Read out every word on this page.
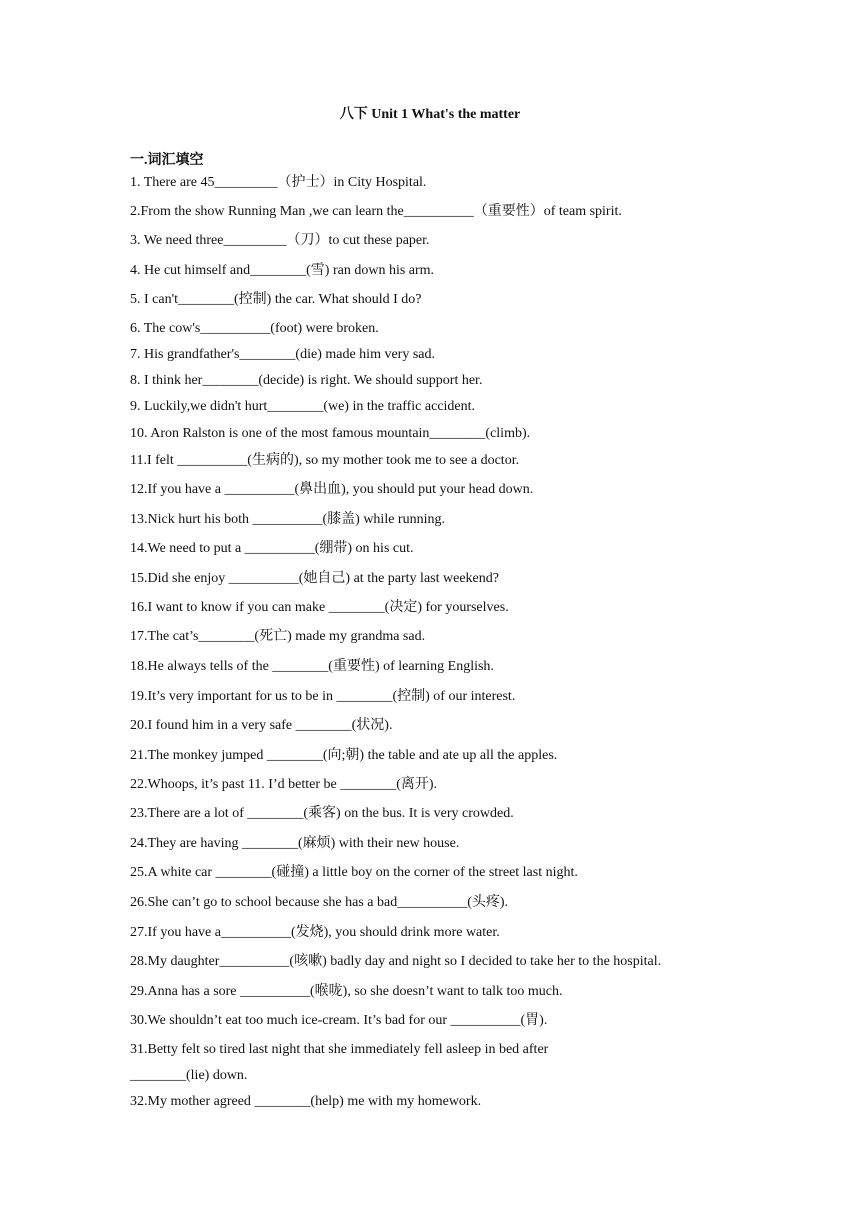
八下 Unit 1 What's the matter
一.词汇填空
1. There are 45_________（护士）in City Hospital.
2.From the show Running Man ,we can learn the__________（重要性）of team spirit.
3. We need three_________（刀）to cut these paper.
4. He cut himself and________(雪) ran down his arm.
5. I can't________(控制) the car. What should I do?
6. The cow's__________(foot) were broken.
7. His grandfather's________(die) made him very sad.
8. I think her________(decide) is right. We should support her.
9. Luckily,we didn't hurt________(we) in the traffic accident.
10. Aron Ralston is one of the most famous mountain________(climb).
11.I felt __________(生病的), so my mother took me to see a doctor.
12.If you have a __________(鼻出血), you should put your head down.
13.Nick hurt his both __________(膝盖) while running.
14.We need to put a __________(绷带) on his cut.
15.Did she enjoy __________(她自己) at the party last weekend?
16.I want to know if you can make ________(决定) for yourselves.
17.The cat’s________(死亡) made my grandma sad.
18.He always tells of the ________(重要性) of learning English.
19.It’s very important for us to be in ________(控制) of our interest.
20.I found him in a very safe ________(状况).
21.The monkey jumped ________(向;朝) the table and ate up all the apples.
22.Whoops, it’s past 11. I’d better be ________(离开).
23.There are a lot of ________(乘客) on the bus. It is very crowded.
24.They are having ________(麻烦) with their new house.
25.A white car ________(碰撞) a little boy on the corner of the street last night.
26.She can’t go to school because she has a bad__________(头疼).
27.If you have a__________(发烧), you should drink more water.
28.My daughter__________(咳嗽) badly day and night so I decided to take her to the hospital.
29.Anna has a sore __________(喉咙), so she doesn’t want to talk too much.
30.We shouldn’t eat too much ice-cream. It’s bad for our __________(胃).
31.Betty felt so tired last night that she immediately fell asleep in bed after
________(lie) down.
32.My mother agreed ________(help) me with my homework.
